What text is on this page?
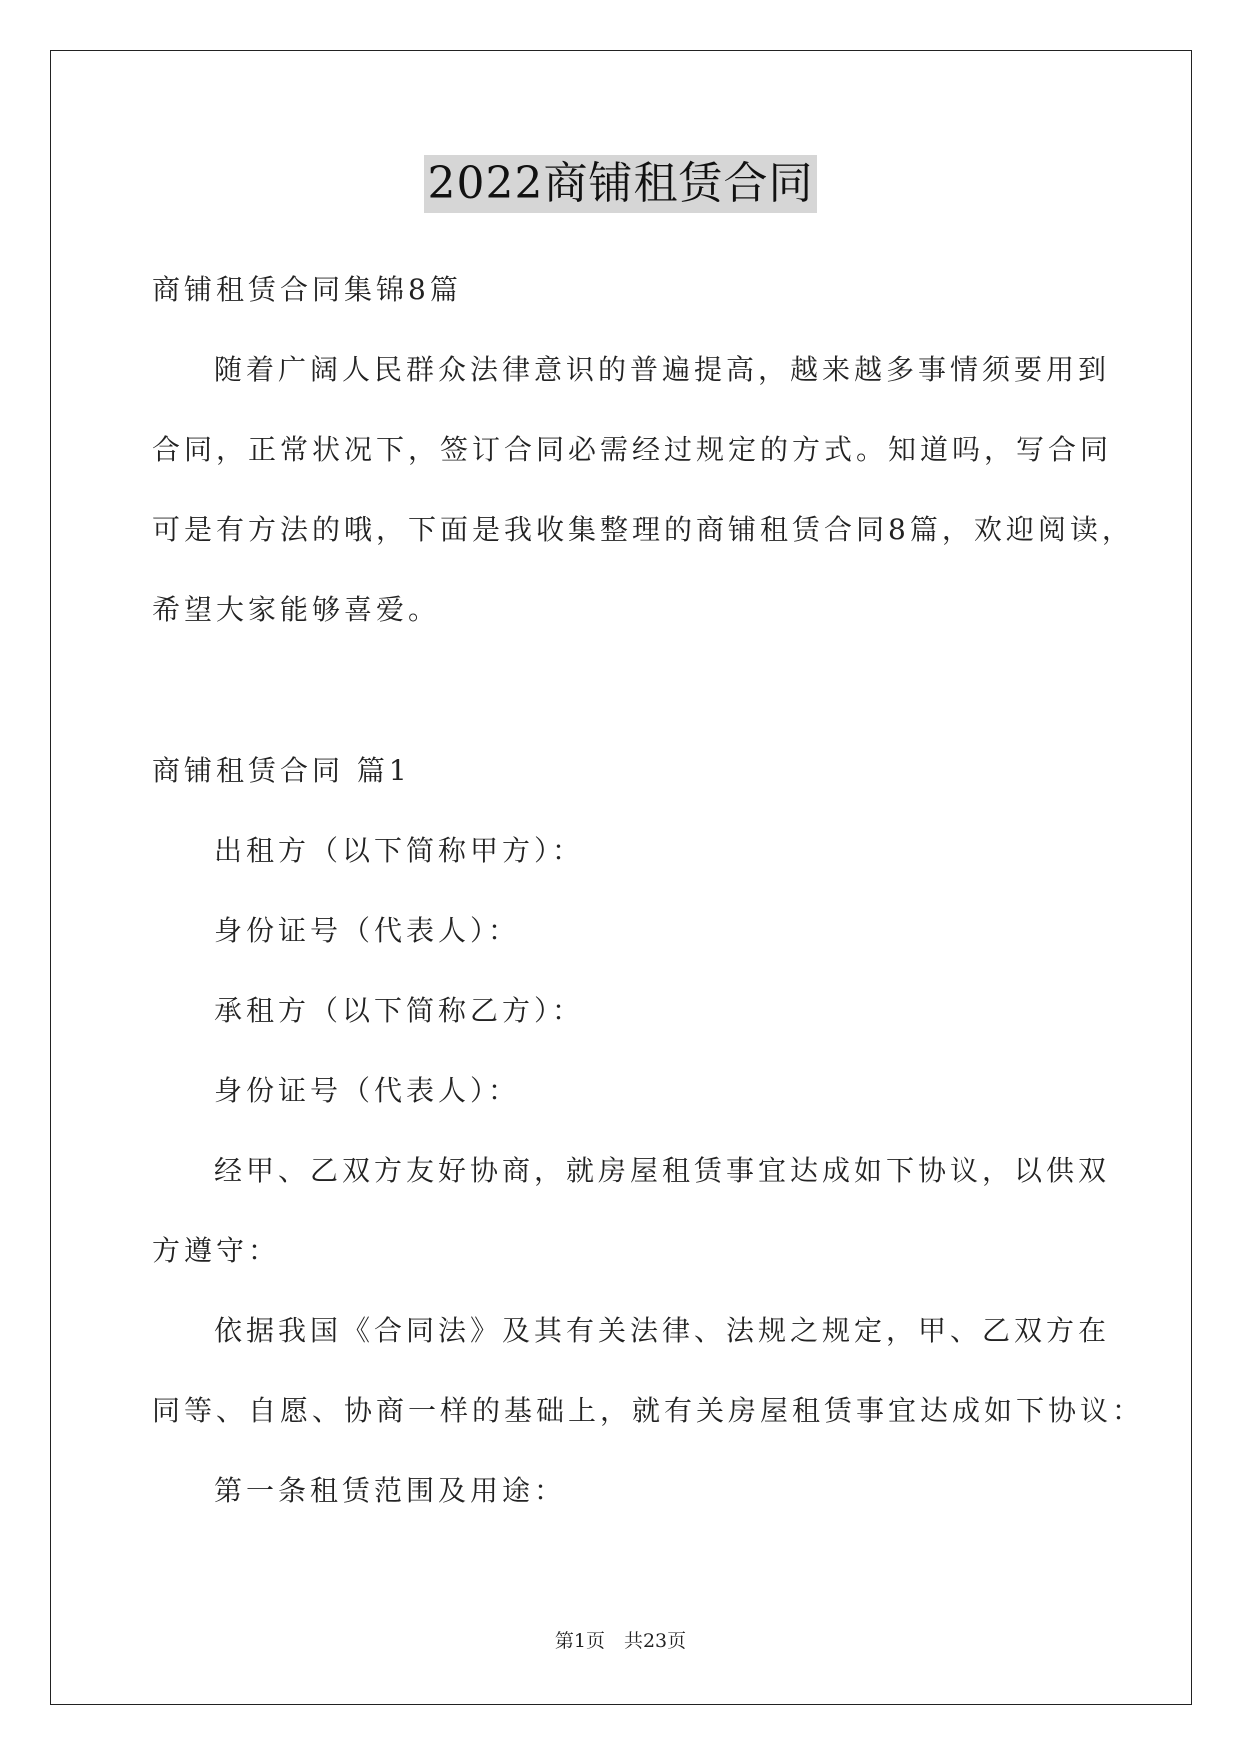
2022商铺租赁合同
商铺租赁合同集锦8篇
随着广阔人民群众法律意识的普遍提高，越来越多事情须要用到
合同，正常状况下，签订合同必需经过规定的方式。知道吗，写合同
可是有方法的哦，下面是我收集整理的商铺租赁合同8篇，欢迎阅读，
希望大家能够喜爱。
商铺租赁合同 篇1
出租方（以下简称甲方）：
身份证号（代表人）：
承租方（以下简称乙方）：
身份证号（代表人）：
经甲、乙双方友好协商，就房屋租赁事宜达成如下协议，以供双
方遵守：
依据我国《合同法》及其有关法律、法规之规定，甲、乙双方在
同等、自愿、协商一样的基础上，就有关房屋租赁事宜达成如下协议：
第一条租赁范围及用途：
第1页　共23页
